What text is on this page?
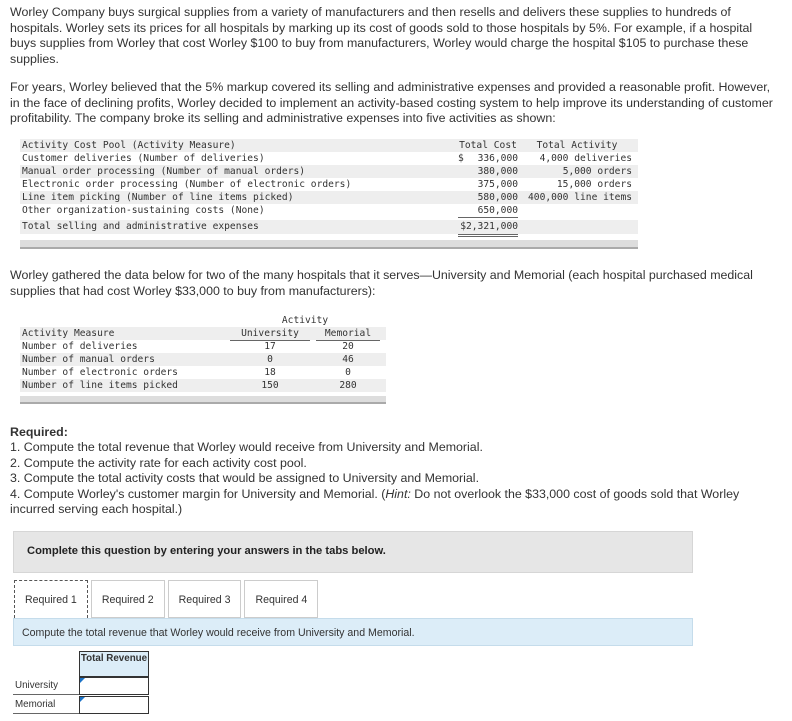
Worley Company buys surgical supplies from a variety of manufacturers and then resells and delivers these supplies to hundreds of hospitals. Worley sets its prices for all hospitals by marking up its cost of goods sold to those hospitals by 5%. For example, if a hospital buys supplies from Worley that cost Worley $100 to buy from manufacturers, Worley would charge the hospital $105 to purchase these supplies.
For years, Worley believed that the 5% markup covered its selling and administrative expenses and provided a reasonable profit. However, in the face of declining profits, Worley decided to implement an activity-based costing system to help improve its understanding of customer profitability. The company broke its selling and administrative expenses into five activities as shown:
Activity Cost Pool (Activity Measure)	Total Cost	Total Activity
Customer deliveries (Number of deliveries)	$ 336,000	4,000 deliveries
Manual order processing (Number of manual orders)	380,000	5,000 orders
Electronic order processing (Number of electronic orders)	375,000	15,000 orders
Line item picking (Number of line items picked)	580,000	400,000 line items
Other organization-sustaining costs (None)	650,000
Total selling and administrative expenses	$2,321,000
Worley gathered the data below for two of the many hospitals that it serves—University and Memorial (each hospital purchased medical supplies that had cost Worley $33,000 to buy from manufacturers):
Activity
Activity Measure	University	Memorial
Number of deliveries	17	20
Number of manual orders	0	46
Number of electronic orders	18	0
Number of line items picked	150	280
Required:
1. Compute the total revenue that Worley would receive from University and Memorial.
2. Compute the activity rate for each activity cost pool.
3. Compute the total activity costs that would be assigned to University and Memorial.
4. Compute Worley's customer margin for University and Memorial. (Hint: Do not overlook the $33,000 cost of goods sold that Worley incurred serving each hospital.)
Complete this question by entering your answers in the tabs below.
Required 1	Required 2	Required 3	Required 4
Compute the total revenue that Worley would receive from University and Memorial.
Total Revenue
University
Memorial
